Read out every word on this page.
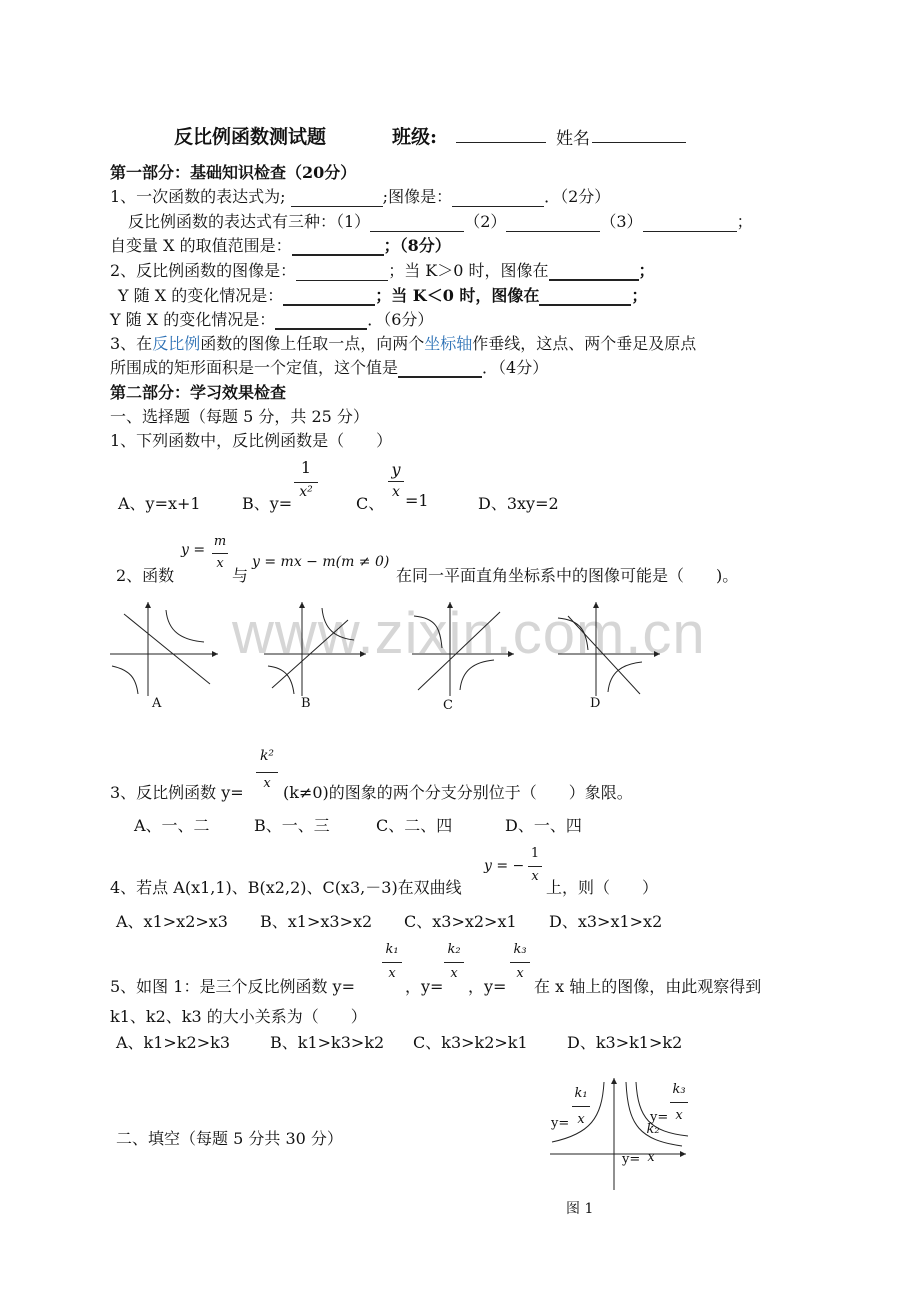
www.zixin.com.cn
反比例函数测试题	班级:	姓名
第一部分：基础知识检查（20分）
1、一次函数的表达式为;	;图像是：	．（2分）
反比例函数的表达式有三种：（1）	（2）	（3）	；
自变量 X 的取值范围是：	；（8分）
2、反比例函数的图像是：	；当 K＞0 时，图像在	；
Y 随 X 的变化情况是：	；当 K＜0 时，图像在	；
Y 随 X 的变化情况是：	．（6分）
3、在反比例函数的图像上任取一点，向两个坐标轴作垂线，这点、两个垂足及原点
所围成的矩形面积是一个定值，这个值是	．（4分）
第二部分：学习效果检查
一、选择题（每题 5 分，共 25 分）
1、下列函数中，反比例函数是（　　）
A、y=x+1	B、y=
1
x²
C、
y
x =1	D、3xy=2
2、函数
y =
m
x
与
y = mx − m(m ≠ 0)
在同一平面直角坐标系中的图像可能是（　　)。
A	B	C	D
k²
x
3、反比例函数 y= (k≠0)的图象的两个分支分别位于（　　）象限。
A、一、二	B、一、三	C、二、四	D、一、四
4、若点 A(x1,1)、B(x2,2)、C(x3,－3)在双曲线
y = −
1
x
上，则（　　）
A、x1>x2>x3 B、x1>x3>x2 C、x3>x2>x1 D、x3>x1>x2
k₁
x
k₂
x
k₃
x
5、如图 1：是三个反比例函数 y=	，y= ，y= 在 x 轴上的图像，由此观察得到
k1、k2、k3 的大小关系为（　　）
A、k1>k2>k3	B、k1>k3>k2 C、k3>k2>k1 D、k3>k1>k2
二、填空（每题 5 分共 30 分）
y=
k₁
x	y=
k₃
x
k₂
y= x
图 1
